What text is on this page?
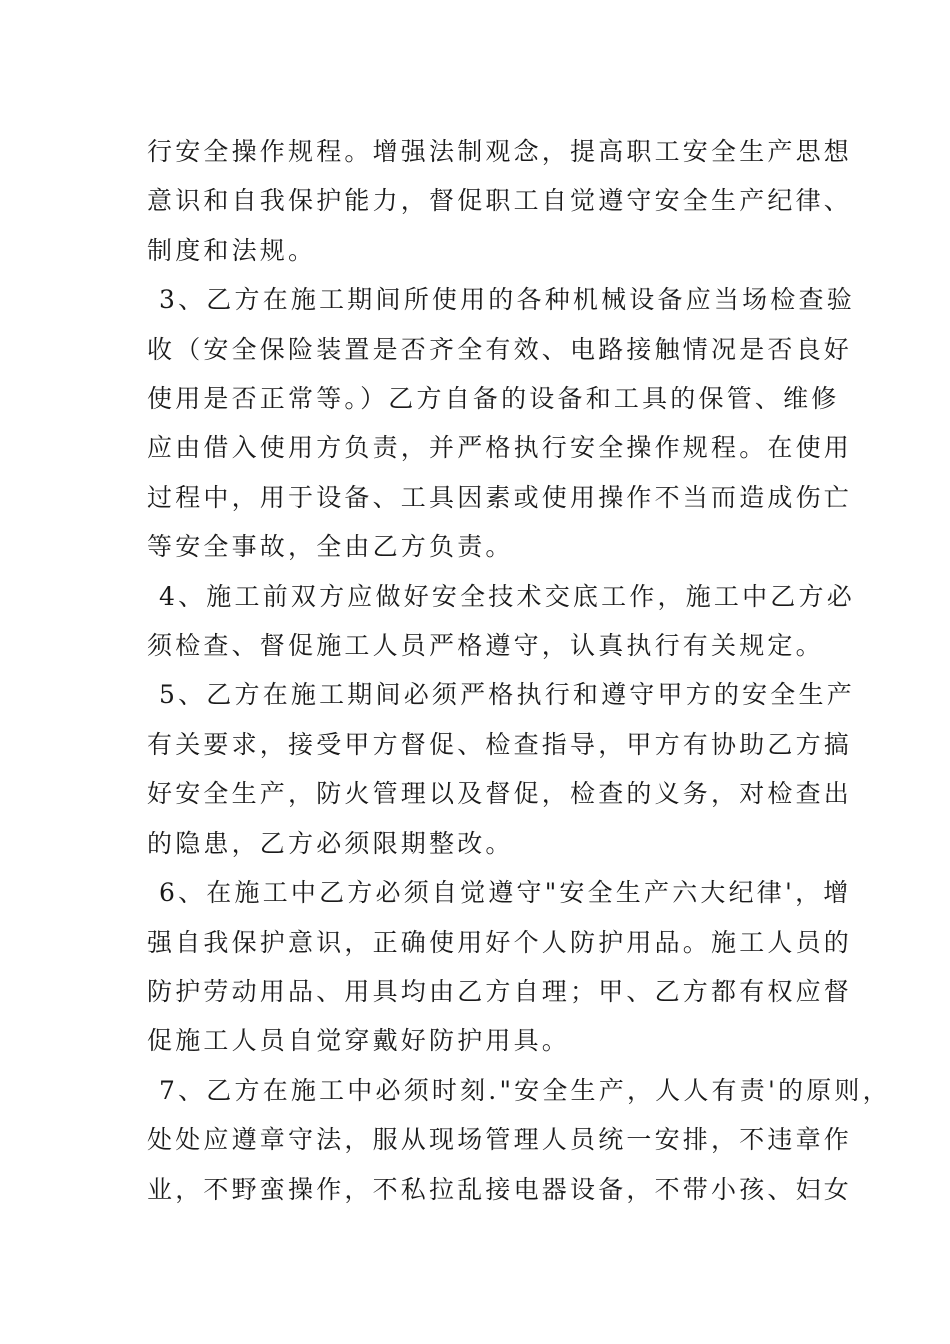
行安全操作规程。增强法制观念，提高职工安全生产思想
意识和自我保护能力，督促职工自觉遵守安全生产纪律、
制度和法规。
3、乙方在施工期间所使用的各种机械设备应当场检查验
收（安全保险装置是否齐全有效、电路接触情况是否良好
使用是否正常等。）乙方自备的设备和工具的保管、维修
应由借入使用方负责，并严格执行安全操作规程。在使用
过程中，用于设备、工具因素或使用操作不当而造成伤亡
等安全事故，全由乙方负责。
4、施工前双方应做好安全技术交底工作，施工中乙方必
须检查、督促施工人员严格遵守，认真执行有关规定。
5、乙方在施工期间必须严格执行和遵守甲方的安全生产
有关要求，接受甲方督促、检查指导，甲方有协助乙方搞
好安全生产，防火管理以及督促，检查的义务，对检查出
的隐患，乙方必须限期整改。
6、在施工中乙方必须自觉遵守"安全生产六大纪律'，增
强自我保护意识，正确使用好个人防护用品。施工人员的
防护劳动用品、用具均由乙方自理；甲、乙方都有权应督
促施工人员自觉穿戴好防护用具。
7、乙方在施工中必须时刻."安全生产，人人有责'的原则，
处处应遵章守法，服从现场管理人员统一安排，不违章作
业，不野蛮操作，不私拉乱接电器设备，不带小孩、妇女
